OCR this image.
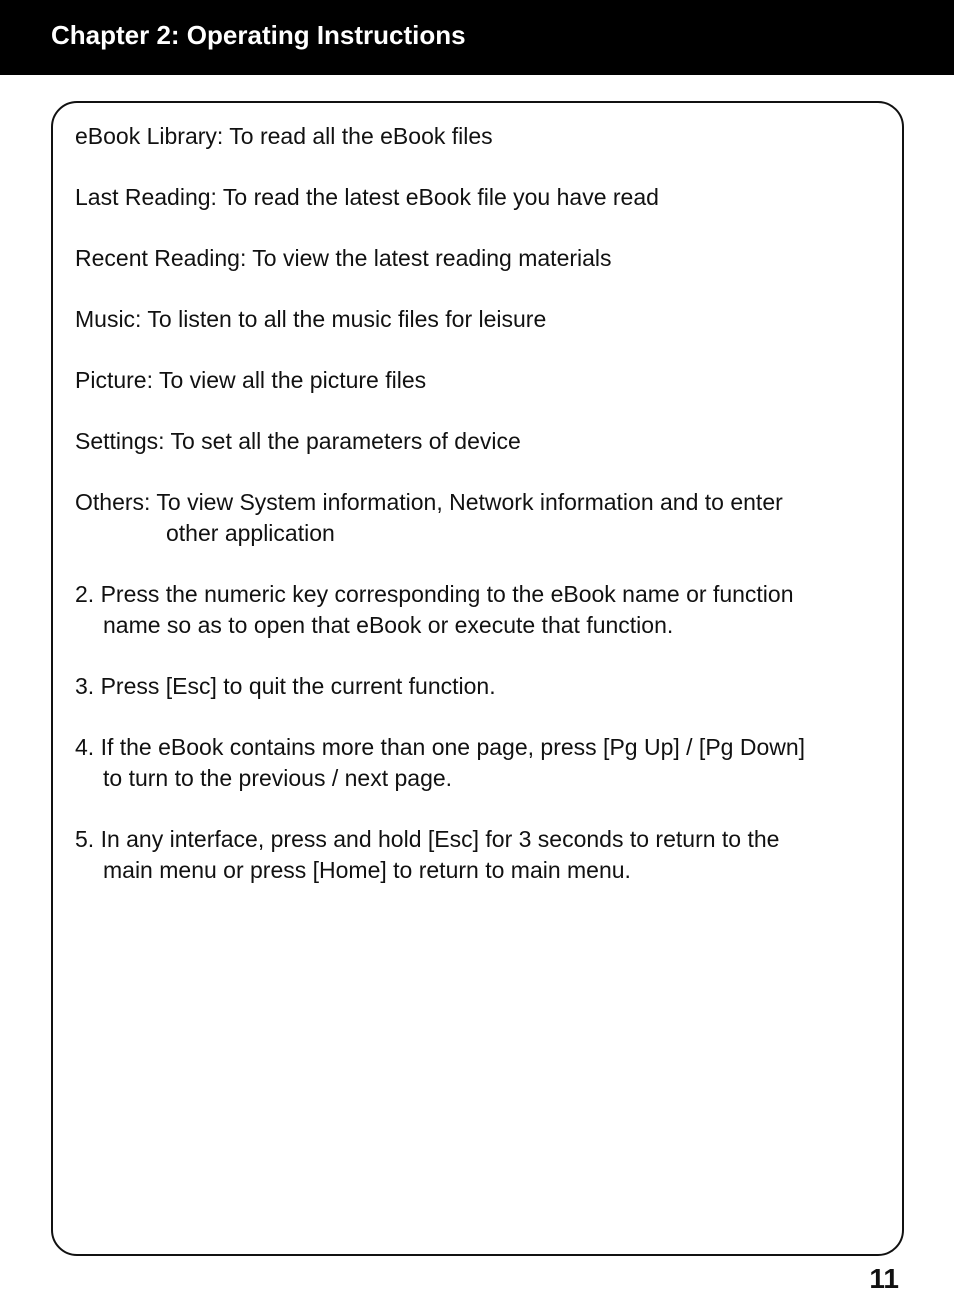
Chapter 2: Operating Instructions
eBook Library: To read all the eBook files
Last Reading: To read the latest eBook file you have read
Recent Reading: To view the latest reading materials
Music: To listen to all the music files for leisure
Picture: To view all the picture files
Settings: To set all the parameters of device
Others: To view System information, Network information and to enter
other application
2. Press the numeric key corresponding to the eBook name or function
name so as to open that eBook or execute that function.
3. Press [Esc] to quit the current function.
4. If the eBook contains more than one page, press [Pg Up] / [Pg Down]
to turn to the previous / next page.
5. In any interface, press and hold [Esc] for 3 seconds to return to the
main menu or press [Home] to return to main menu.
11
